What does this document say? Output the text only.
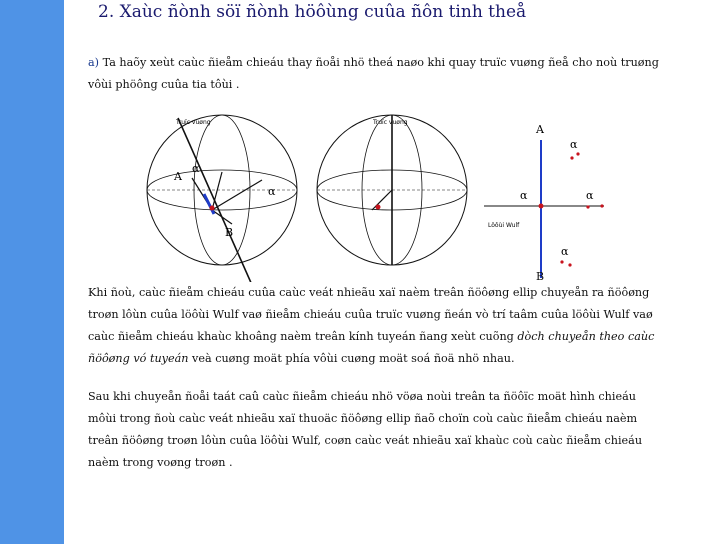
2. Xaùc ñònh söï ñònh höôùng cuûa ñôn tinh theå
a) Ta haõy xeùt caùc ñieåm chieáu thay ñoåi nhö theá naøo khi quay truïc vuøng ñeå cho noù truøng
vôùi phöông cuûa tia tôùi .
Truïc vuøng
A
α
α
B
Truïc vuøng
A
α
α	α
α
Löôùi Wulf
B
Khi ñoù, caùc ñieåm chieáu cuûa caùc veát nhieãu xaï naèm treân ñöôøng ellip chuyeån ra ñöôøng
troøn lôùn cuûa löôùi Wulf vaø ñieåm chieáu cuûa truïc vuøng ñeán vò trí taâm cuûa löôùi Wulf vaø
caùc ñieåm chieáu khaùc khoâng naèm treân kính tuyeán ñang xeùt cuõng dòch chuyeån theo caùc
ñöôøng vó tuyeán veà cuøng moät phía vôùi cuøng moät soá ñoä nhö nhau.
Sau khi chuyeån ñoåi taát caû caùc ñieåm chieáu nhö vöøa noùi treân ta ñöôïc moät hình chieáu
môùi trong ñoù caùc veát nhieãu xaï thuoäc ñöôøng ellip ñaõ choïn coù caùc ñieåm chieáu naèm
treân ñöôøng troøn lôùn cuûa löôùi Wulf, coøn caùc veát nhieãu xaï khaùc coù caùc ñieåm chieáu
naèm trong voøng troøn .
